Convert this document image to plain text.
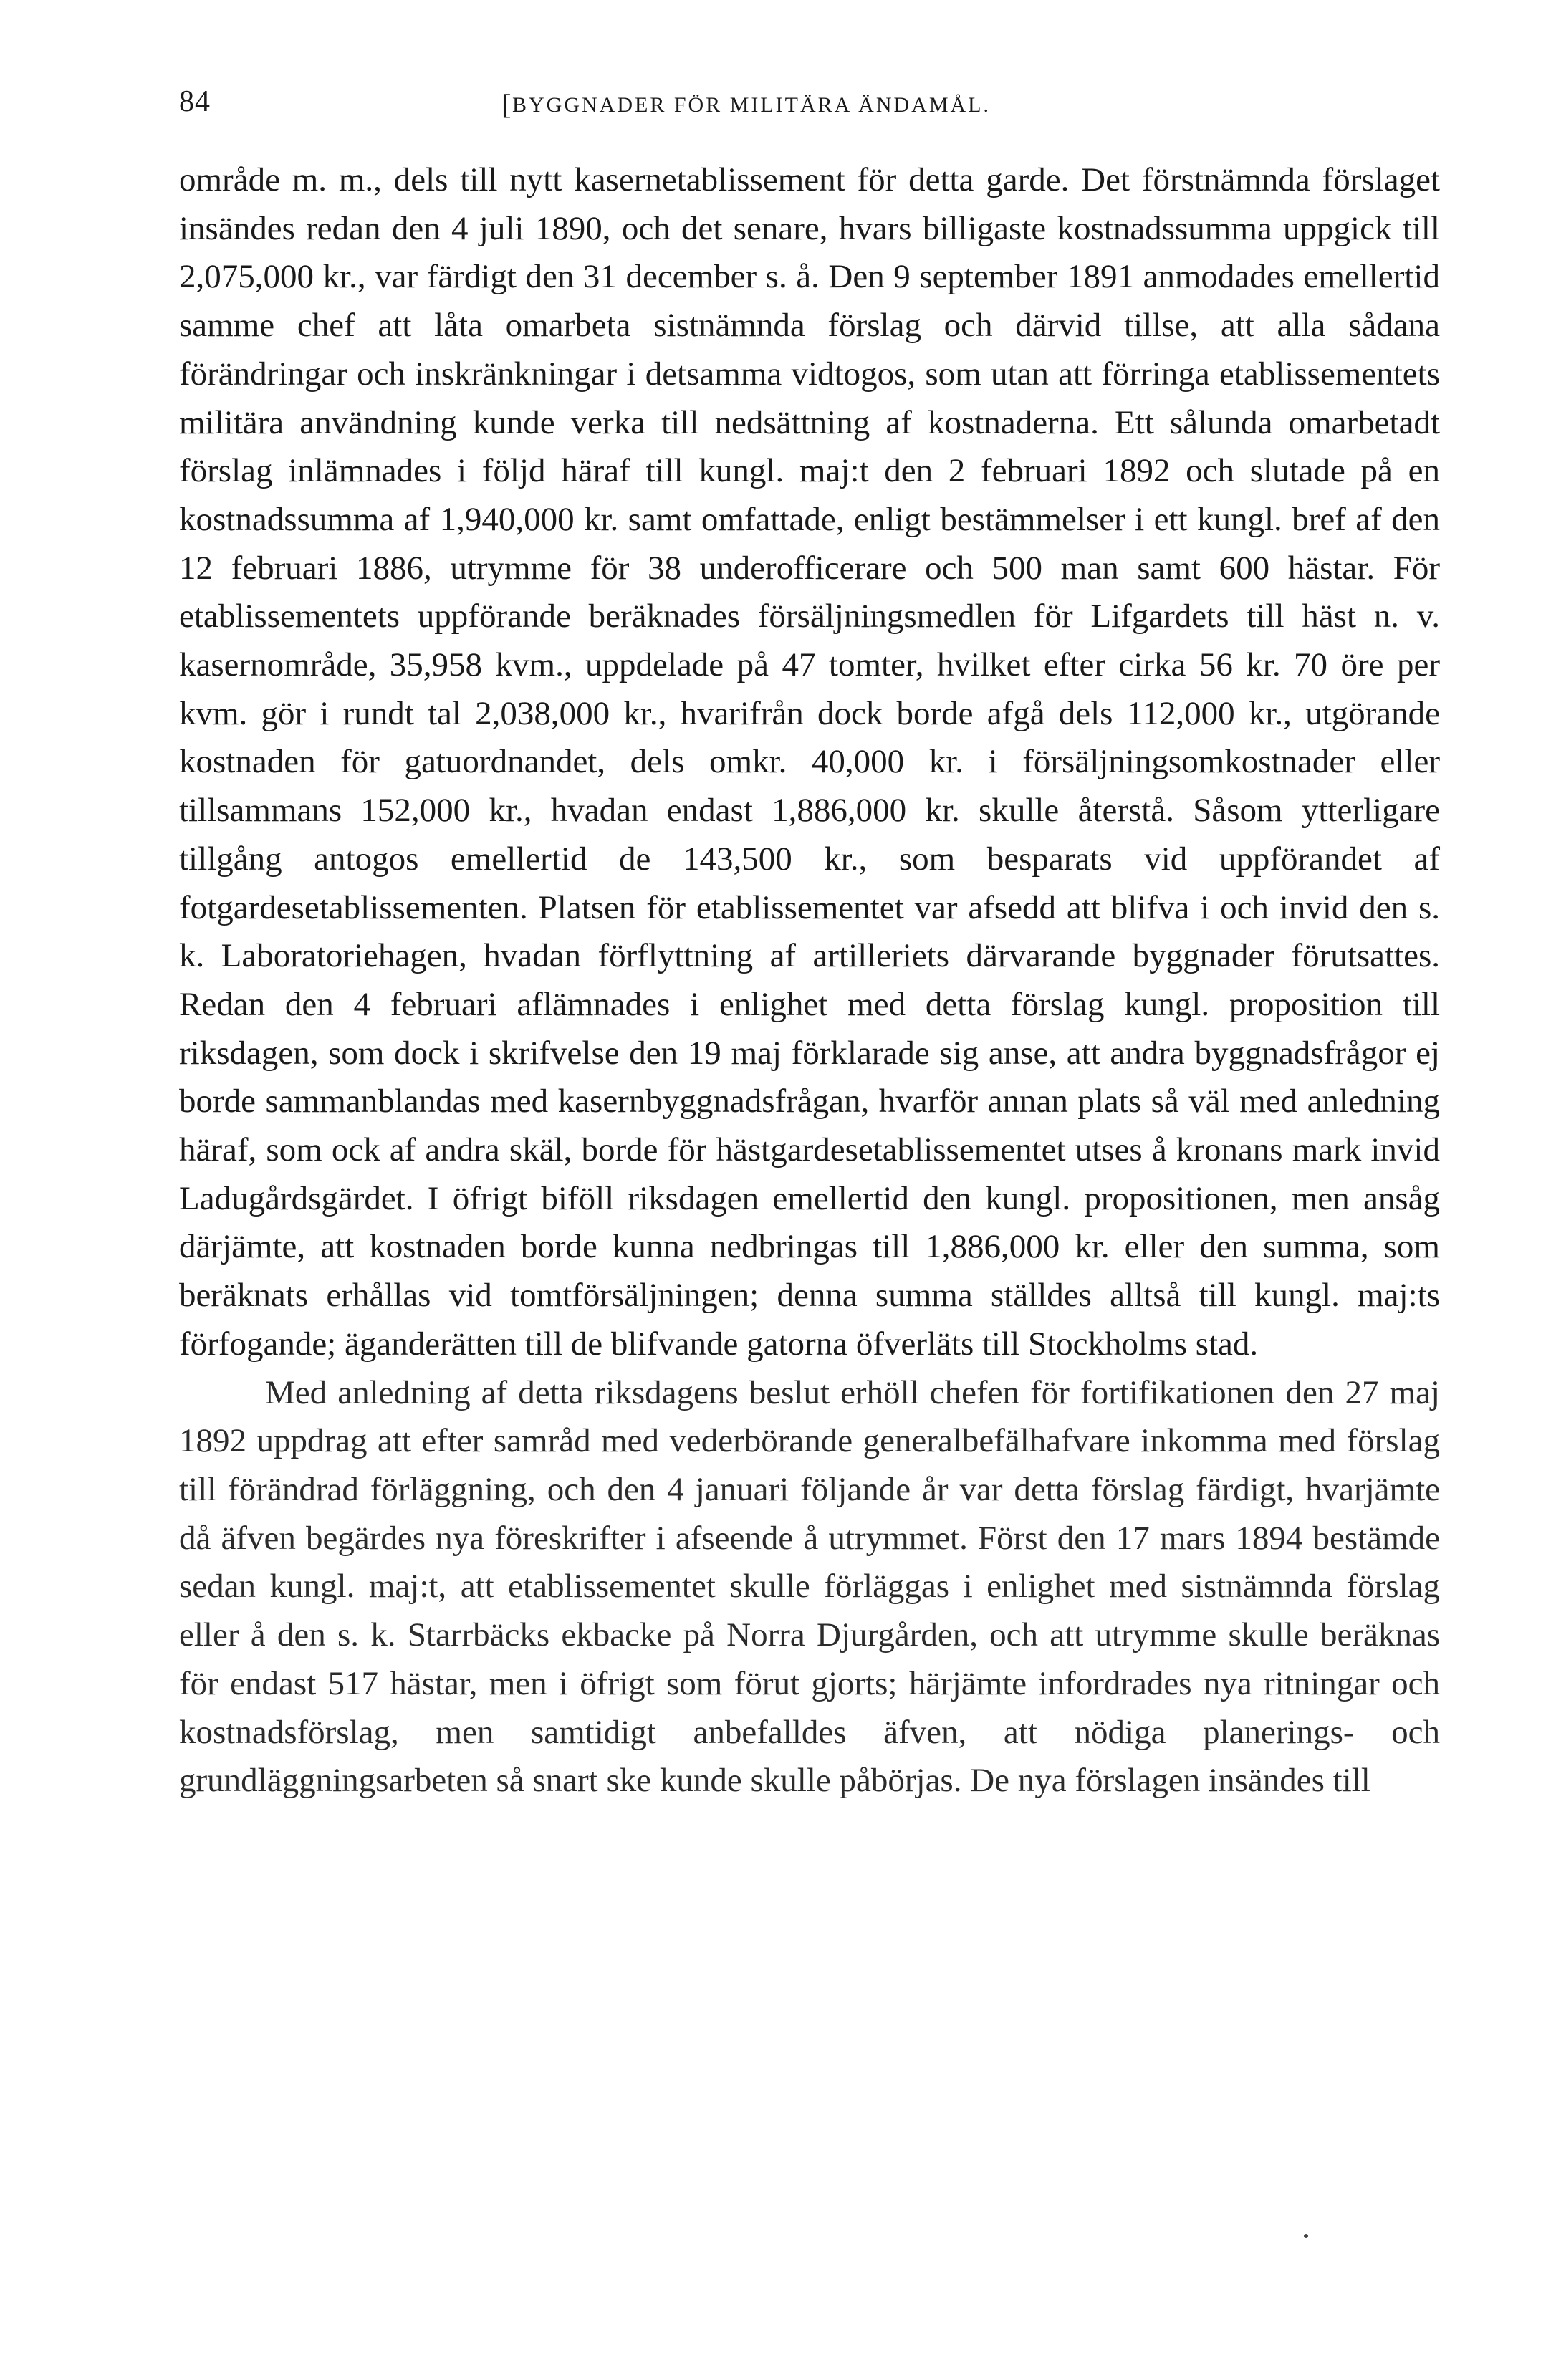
84	[ BYGGNADER FÖR MILITÄRA ÄNDAMÅL.

område m. m., dels till nytt kasernetablissement för detta garde. Det förstnämnda förslaget insändes redan den 4 juli 1890, och det senare, hvars billigaste kostnadssumma uppgick till 2,075,000 kr., var färdigt den 31 december s. å. Den 9 september 1891 anmodades emellertid samme chef att låta omarbeta sistnämnda förslag och därvid tillse, att alla sådana förändringar och inskränkningar i detsamma vidtogos, som utan att förringa etablissementets militära användning kunde verka till nedsättning af kostnaderna. Ett sålunda omarbetadt förslag inlämnades i följd häraf till kungl. maj:t den 2 februari 1892 och slutade på en kostnadssumma af 1,940,000 kr. samt omfattade, enligt bestämmelser i ett kungl. bref af den 12 februari 1886, utrymme för 38 underofficerare och 500 man samt 600 hästar. För etablissementets uppförande beräknades försäljningsmedlen för Lifgardets till häst n. v. kasernområde, 35,958 kvm., uppdelade på 47 tomter, hvilket efter cirka 56 kr. 70 öre per kvm. gör i rundt tal 2,038,000 kr., hvarifrån dock borde afgå dels 112,000 kr., utgörande kostnaden för gatuordnandet, dels omkr. 40,000 kr. i försäljningsomkostnader eller tillsammans 152,000 kr., hvadan endast 1,886,000 kr. skulle återstå. Såsom ytterligare tillgång antogos emellertid de 143,500 kr., som besparats vid uppförandet af fotgardesetablissementen. Platsen för etablissementet var afsedd att blifva i och invid den s. k. Laboratoriehagen, hvadan förflyttning af artilleriets därvarande byggnader förutsattes. Redan den 4 februari aflämnades i enlighet med detta förslag kungl. proposition till riksdagen, som dock i skrifvelse den 19 maj förklarade sig anse, att andra byggnadsfrågor ej borde sammanblandas med kasernbyggnadsfrågan, hvarför annan plats så väl med anledning häraf, som ock af andra skäl, borde för hästgardesetablissementet utses å kronans mark invid Ladugårdsgärdet. I öfrigt biföll riksdagen emellertid den kungl. propositionen, men ansåg därjämte, att kostnaden borde kunna nedbringas till 1,886,000 kr. eller den summa, som beräknats erhållas vid tomtförsäljningen; denna summa ställdes alltså till kungl. maj:ts förfogande; äganderätten till de blifvande gatorna öfverläts till Stockholms stad.

Med anledning af detta riksdagens beslut erhöll chefen för fortifikationen den 27 maj 1892 uppdrag att efter samråd med vederbörande generalbefälhafvare inkomma med förslag till förändrad förläggning, och den 4 januari följande år var detta förslag färdigt, hvarjämte då äfven begärdes nya föreskrifter i afseende å utrymmet. Först den 17 mars 1894 bestämde sedan kungl. maj:t, att etablissementet skulle förläggas i enlighet med sistnämnda förslag eller å den s. k. Starrbäcks ekbacke på Norra Djurgården, och att utrymme skulle beräknas för endast 517 hästar, men i öfrigt som förut gjorts; härjämte infordrades nya ritningar och kostnadsförslag, men samtidigt anbefalldes äfven, att nödiga planerings- och grundläggningsarbeten så snart ske kunde skulle påbörjas. De nya förslagen insändes till
